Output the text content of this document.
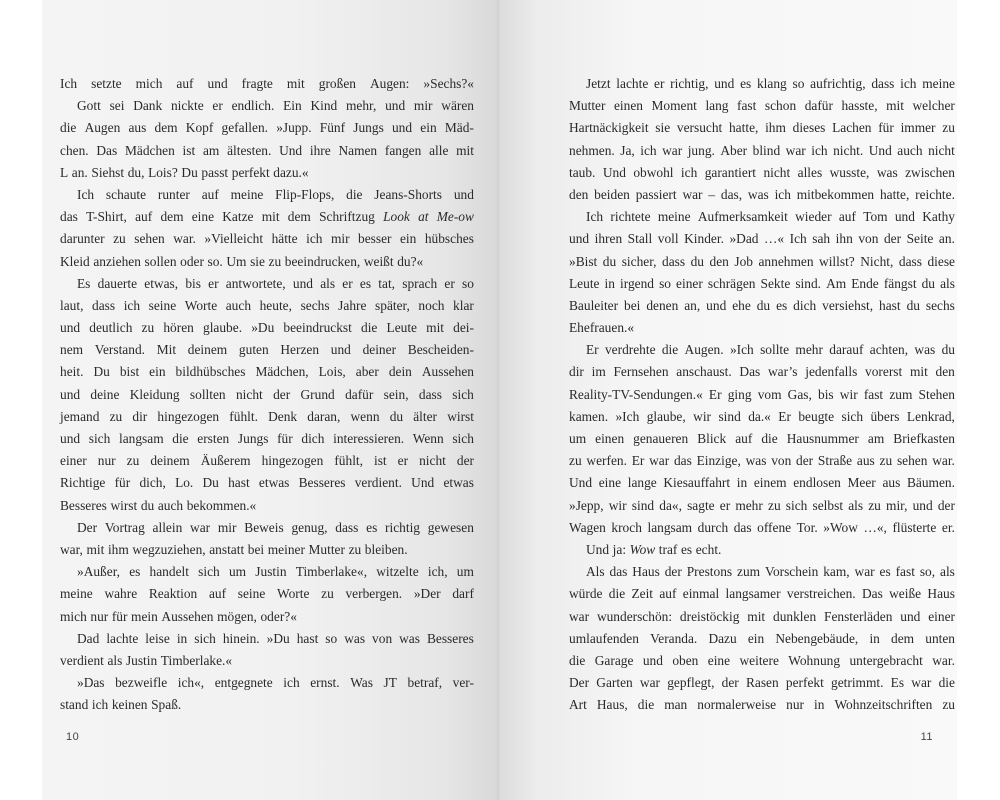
Ich setzte mich auf und fragte mit großen Augen: »Sechs?«
Gott sei Dank nickte er endlich. Ein Kind mehr, und mir wären
die Augen aus dem Kopf gefallen. »Jupp. Fünf Jungs und ein Mäd-
chen. Das Mädchen ist am ältesten. Und ihre Namen fangen alle mit
L an. Siehst du, Lois? Du passt perfekt dazu.«
Ich schaute runter auf meine Flip-Flops, die Jeans-Shorts und
das T-Shirt, auf dem eine Katze mit dem Schriftzug Look at Me-ow
darunter zu sehen war. »Vielleicht hätte ich mir besser ein hübsches
Kleid anziehen sollen oder so. Um sie zu beeindrucken, weißt du?«
Es dauerte etwas, bis er antwortete, und als er es tat, sprach er so
laut, dass ich seine Worte auch heute, sechs Jahre später, noch klar
und deutlich zu hören glaube. »Du beeindruckst die Leute mit dei-
nem Verstand. Mit deinem guten Herzen und deiner Bescheiden-
heit. Du bist ein bildhübsches Mädchen, Lois, aber dein Aussehen
und deine Kleidung sollten nicht der Grund dafür sein, dass sich
jemand zu dir hingezogen fühlt. Denk daran, wenn du älter wirst
und sich langsam die ersten Jungs für dich interessieren. Wenn sich
einer nur zu deinem Äußerem hingezogen fühlt, ist er nicht der
Richtige für dich, Lo. Du hast etwas Besseres verdient. Und etwas
Besseres wirst du auch bekommen.«
Der Vortrag allein war mir Beweis genug, dass es richtig gewesen
war, mit ihm wegzuziehen, anstatt bei meiner Mutter zu bleiben.
»Außer, es handelt sich um Justin Timberlake«, witzelte ich, um
meine wahre Reaktion auf seine Worte zu verbergen. »Der darf
mich nur für mein Aussehen mögen, oder?«
Dad lachte leise in sich hinein. »Du hast so was von was Besseres
verdient als Justin Timberlake.«
»Das bezweifle ich«, entgegnete ich ernst. Was JT betraf, ver-
stand ich keinen Spaß.
10
Jetzt lachte er richtig, und es klang so aufrichtig, dass ich meine
Mutter einen Moment lang fast schon dafür hasste, mit welcher
Hartnäckigkeit sie versucht hatte, ihm dieses Lachen für immer zu
nehmen. Ja, ich war jung. Aber blind war ich nicht. Und auch nicht
taub. Und obwohl ich garantiert nicht alles wusste, was zwischen
den beiden passiert war – das, was ich mitbekommen hatte, reichte.
Ich richtete meine Aufmerksamkeit wieder auf Tom und Kathy
und ihren Stall voll Kinder. »Dad …« Ich sah ihn von der Seite an.
»Bist du sicher, dass du den Job annehmen willst? Nicht, dass diese
Leute in irgend so einer schrägen Sekte sind. Am Ende fängst du als
Bauleiter bei denen an, und ehe du es dich versiehst, hast du sechs
Ehefrauen.«
Er verdrehte die Augen. »Ich sollte mehr darauf achten, was du
dir im Fernsehen anschaust. Das war’s jedenfalls vorerst mit den
Reality-TV-Sendungen.« Er ging vom Gas, bis wir fast zum Stehen
kamen. »Ich glaube, wir sind da.« Er beugte sich übers Lenkrad,
um einen genaueren Blick auf die Hausnummer am Briefkasten
zu werfen. Er war das Einzige, was von der Straße aus zu sehen war.
Und eine lange Kiesauffahrt in einem endlosen Meer aus Bäumen.
»Jepp, wir sind da«, sagte er mehr zu sich selbst als zu mir, und der
Wagen kroch langsam durch das offene Tor. »Wow …«, flüsterte er.
Und ja: Wow traf es echt.
Als das Haus der Prestons zum Vorschein kam, war es fast so, als
würde die Zeit auf einmal langsamer verstreichen. Das weiße Haus
war wunderschön: dreistöckig mit dunklen Fensterläden und einer
umlaufenden Veranda. Dazu ein Nebengebäude, in dem unten
die Garage und oben eine weitere Wohnung untergebracht war.
Der Garten war gepflegt, der Rasen perfekt getrimmt. Es war die
Art Haus, die man normalerweise nur in Wohnzeitschriften zu
11
